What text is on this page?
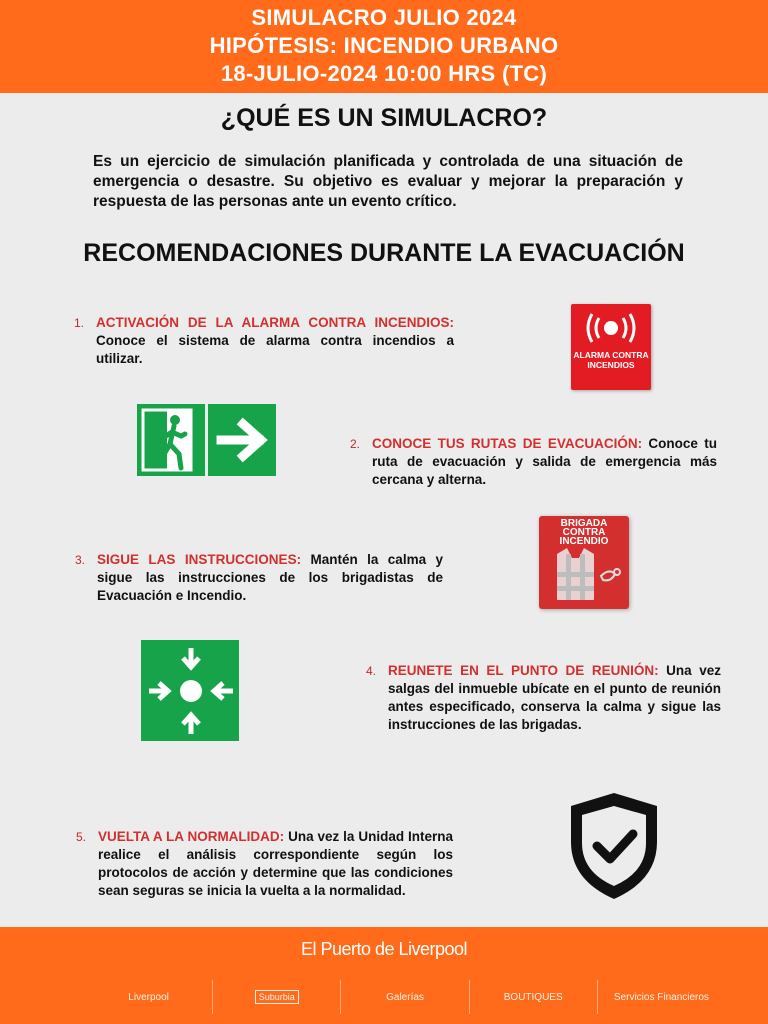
SIMULACRO JULIO 2024
HIPÓTESIS: INCENDIO URBANO
18-JULIO-2024 10:00 HRS (TC)
¿QUÉ ES UN SIMULACRO?
Es un ejercicio de simulación planificada y controlada de una situación de emergencia o desastre. Su objetivo es evaluar y mejorar la preparación y respuesta de las personas ante un evento crítico.
RECOMENDACIONES DURANTE LA EVACUACIÓN
1. ACTIVACIÓN DE LA ALARMA CONTRA INCENDIOS: Conoce el sistema de alarma contra incendios a utilizar.
2. CONOCE TUS RUTAS DE EVACUACIÓN: Conoce tu ruta de evacuación y salida de emergencia más cercana y alterna.
3. SIGUE LAS INSTRUCCIONES: Mantén la calma y sigue las instrucciones de los brigadistas de Evacuación e Incendio.
4. REUNETE EN EL PUNTO DE REUNIÓN: Una vez salgas del inmueble ubícate en el punto de reunión antes especificado, conserva la calma y sigue las instrucciones de las brigadas.
5. VUELTA A LA NORMALIDAD: Una vez la Unidad Interna realice el análisis correspondiente según los protocolos de acción y determine que las condiciones sean seguras se inicia la vuelta a la normalidad.
ALARMA CONTRA INCENDIOS
BRIGADA CONTRA INCENDIO
El Puerto de Liverpool
Liverpool	Suburbia	Galerías	BOUTIQUES	Servicios Financieros
